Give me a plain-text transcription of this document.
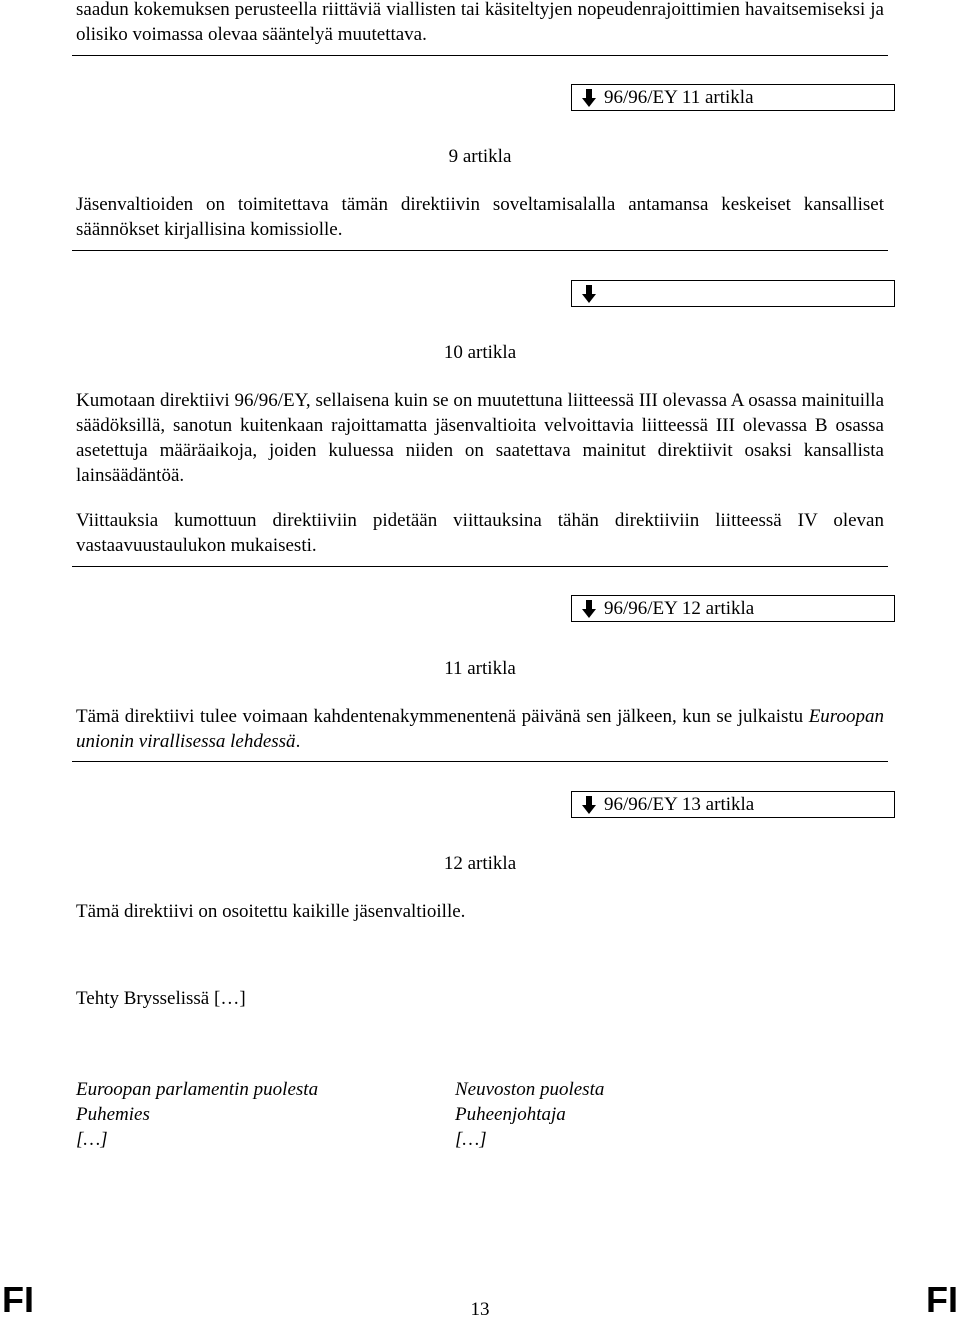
saadun kokemuksen perusteella riittäviä viallisten tai käsiteltyjen nopeudenrajoittimien havaitsemiseksi ja olisiko voimassa olevaa sääntelyä muutettava.

96/96/EY 11 artikla
9 artikla

Jäsenvaltioiden on toimitettava tämän direktiivin soveltamisalalla antamansa keskeiset kansalliset säännökset kirjallisina komissiolle.

10 artikla

Kumotaan direktiivi 96/96/EY, sellaisena kuin se on muutettuna liitteessä III olevassa A osassa mainituilla säädöksillä, sanotun kuitenkaan rajoittamatta jäsenvaltioita velvoittavia liitteessä III olevassa B osassa asetettuja määräaikoja, joiden kuluessa niiden on saatettava mainitut direktiivit osaksi kansallista lainsäädäntöä.

Viittauksia kumottuun direktiiviin pidetään viittauksina tähän direktiiviin liitteessä IV olevan vastaavuustaulukon mukaisesti.

96/96/EY 12 artikla
11 artikla

Tämä direktiivi tulee voimaan kahdentenakymmenentenä päivänä sen jälkeen, kun se julkaistu Euroopan unionin virallisessa lehdessä.

96/96/EY 13 artikla
12 artikla

Tämä direktiivi on osoitettu kaikille jäsenvaltioille.

Tehty Brysselissä […]
Euroopan parlamentin puolesta
Puhemies
[…]
Neuvoston puolesta
Puheenjohtaja
[…]
FI	13	FI
